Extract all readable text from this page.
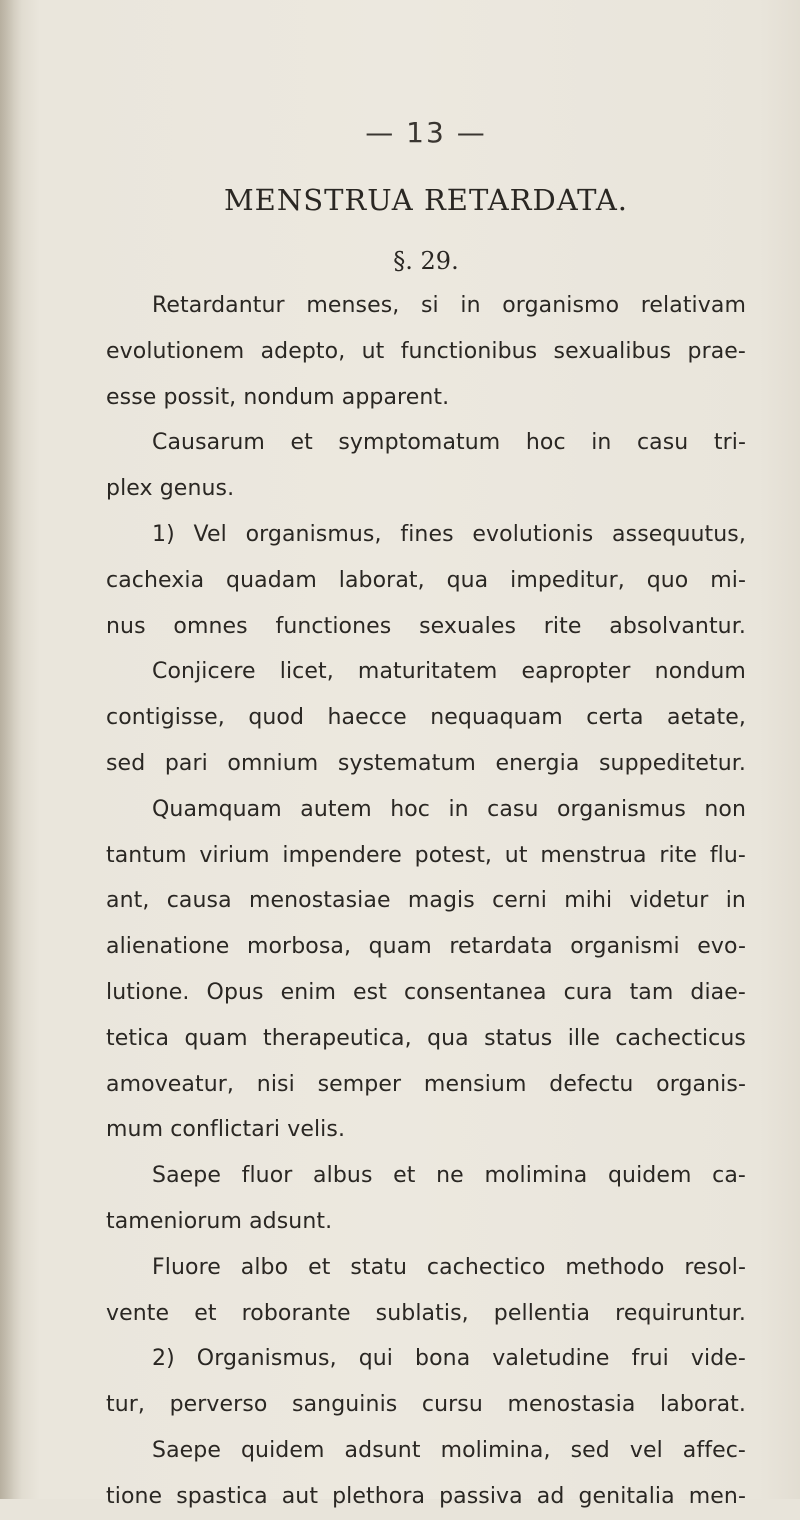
— 13 —
MENSTRUA RETARDATA.
§. 29.
Retardantur menses, si in organismo relativam
evolutionem adepto, ut functionibus sexualibus prae-
esse possit, nondum apparent.
Causarum et symptomatum hoc in casu tri-
plex genus.
1) Vel organismus, fines evolutionis assequutus,
cachexia quadam laborat, qua impeditur, quo mi-
nus omnes functiones sexuales rite absolvantur.
Conjicere licet, maturitatem eapropter nondum
contigisse, quod haecce nequaquam certa aetate,
sed pari omnium systematum energia suppeditetur.
Quamquam autem hoc in casu organismus non
tantum virium impendere potest, ut menstrua rite flu-
ant, causa menostasiae magis cerni mihi videtur in
alienatione morbosa, quam retardata organismi evo-
lutione. Opus enim est consentanea cura tam diae-
tetica quam therapeutica, qua status ille cachecticus
amoveatur, nisi semper mensium defectu organis-
mum conflictari velis.
Saepe fluor albus et ne molimina quidem ca-
tameniorum adsunt.
Fluore albo et statu cachectico methodo resol-
vente et roborante sublatis, pellentia requiruntur.
2) Organismus, qui bona valetudine frui vide-
tur, perverso sanguinis cursu menostasia laborat.
Saepe quidem adsunt molimina, sed vel affec-
tione spastica aut plethora passiva ad genitalia men-
